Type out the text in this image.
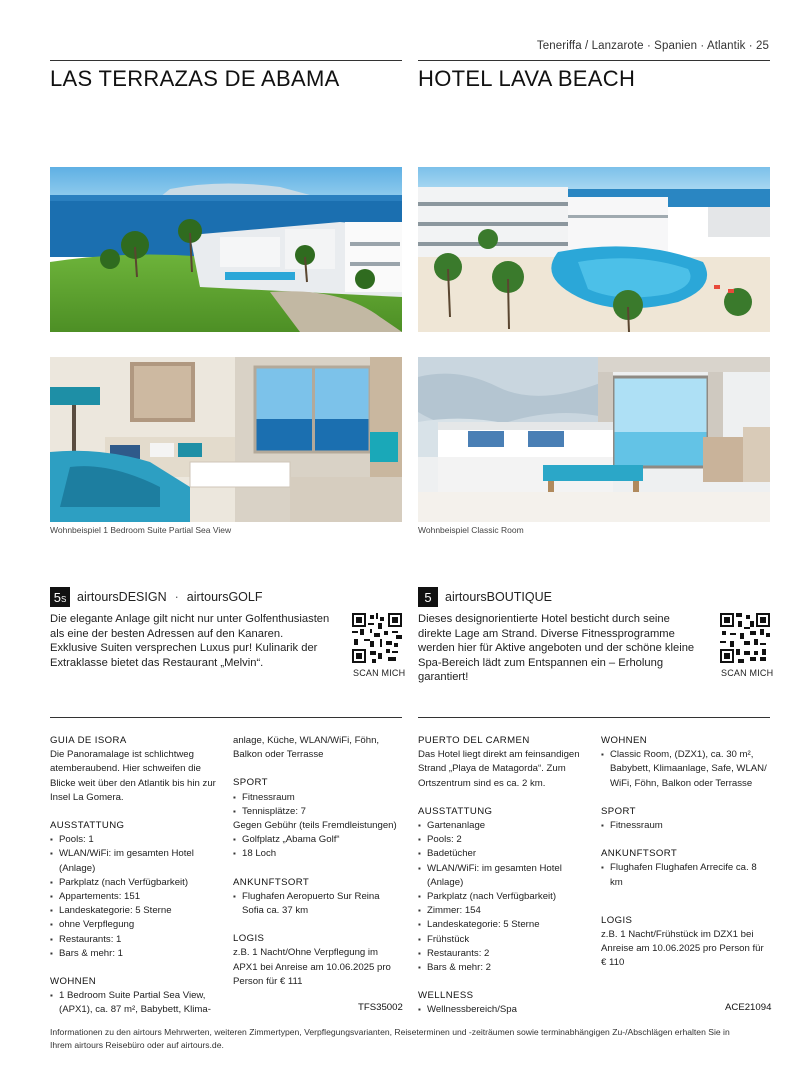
Teneriffa / Lanzarote · Spanien · Atlantik · 25
LAS TERRAZAS DE ABAMA	HOTEL LAVA BEACH
Wohnbeispiel 1 Bedroom Suite Partial Sea View	Wohnbeispiel Classic Room
5 S airtoursDESIGN · airtoursGOLF	5	airtoursBOUTIQUE
Die elegante Anlage gilt nicht nur unter Golfenthusiasten als eine der besten Adressen auf den Kanaren. Exklusive Suiten versprechen Luxus pur! Kulinarik der Extraklasse bietet das Restaurant „Melvin“.
Dieses designorientierte Hotel besticht durch seine direkte Lage am Strand. Diverse Fitnessprogramme werden hier für Aktive angeboten und der schöne kleine Spa-Bereich lädt zum Entspannen ein – Erholung garantiert!
SCAN MICH	SCAN MICH
GUIA DE ISORA

Die Panoramalage ist schlichtweg atemberaubend. Hier schweifen die Blicke weit über den Atlantik bis hin zur Insel La Gomera.

AUSSTATTUNG
▪ Pools: 1
▪ WLAN/WiFi: im gesamten Hotel (Anlage)
▪ Parkplatz (nach Verfügbarkeit)
▪ Appartements: 151
▪ Landeskategorie: 5 Sterne
▪ ohne Verpflegung
▪ Restaurants: 1
▪ Bars & mehr: 1
WOHNEN
▪ 1 Bedroom Suite Partial Sea View, (APX1), ca. 87 m², Babybett, Klima-

anlage, Küche, WLAN/WiFi, Föhn, Balkon oder Terrasse

SPORT
▪ Fitnessraum
▪ Tennisplätze: 7

Gegen Gebühr (teils Fremdleistungen)

▪ Golfplatz „Abama Golf“
▪ 18 Loch
ANKUNFTSORT
▪ Flughafen Aeropuerto Sur Reina Sofia ca. 37 km
LOGIS

z.B. 1 Nacht/Ohne Verpflegung im APX1 bei Anreise am 10.06.2025 pro Person für € 111

TFS35002
PUERTO DEL CARMEN

Das Hotel liegt direkt am feinsandigen Strand „Playa de Matagorda“. Zum Ortszentrum sind es ca. 2 km.

AUSSTATTUNG
▪ Gartenanlage
▪ Pools: 2
▪ Badetücher
▪ WLAN/WiFi: im gesamten Hotel (Anlage)
▪ Parkplatz (nach Verfügbarkeit)
▪ Zimmer: 154
▪ Landeskategorie: 5 Sterne
▪ Frühstück
▪ Restaurants: 2
▪ Bars & mehr: 2
WELLNESS
▪ Wellnessbereich/Spa
WOHNEN
▪ Classic Room, (DZX1), ca. 30 m², Babybett, Klimaanlage, Safe, WLAN/ WiFi, Föhn, Balkon oder Terrasse
SPORT
▪ Fitnessraum
ANKUNFTSORT
▪ Flughafen Flughafen Arrecife ca. 8 km
LOGIS

z.B. 1 Nacht/Frühstück im DZX1 bei Anreise am 10.06.2025 pro Person für € 110

ACE21094
Informationen zu den airtours Mehrwerten, weiteren Zimmertypen, Verpflegungsvarianten, Reiseterminen und -zeiträumen sowie terminabhängigen Zu-/Abschlägen erhalten Sie in Ihrem airtours Reisebüro oder auf airtours.de.
